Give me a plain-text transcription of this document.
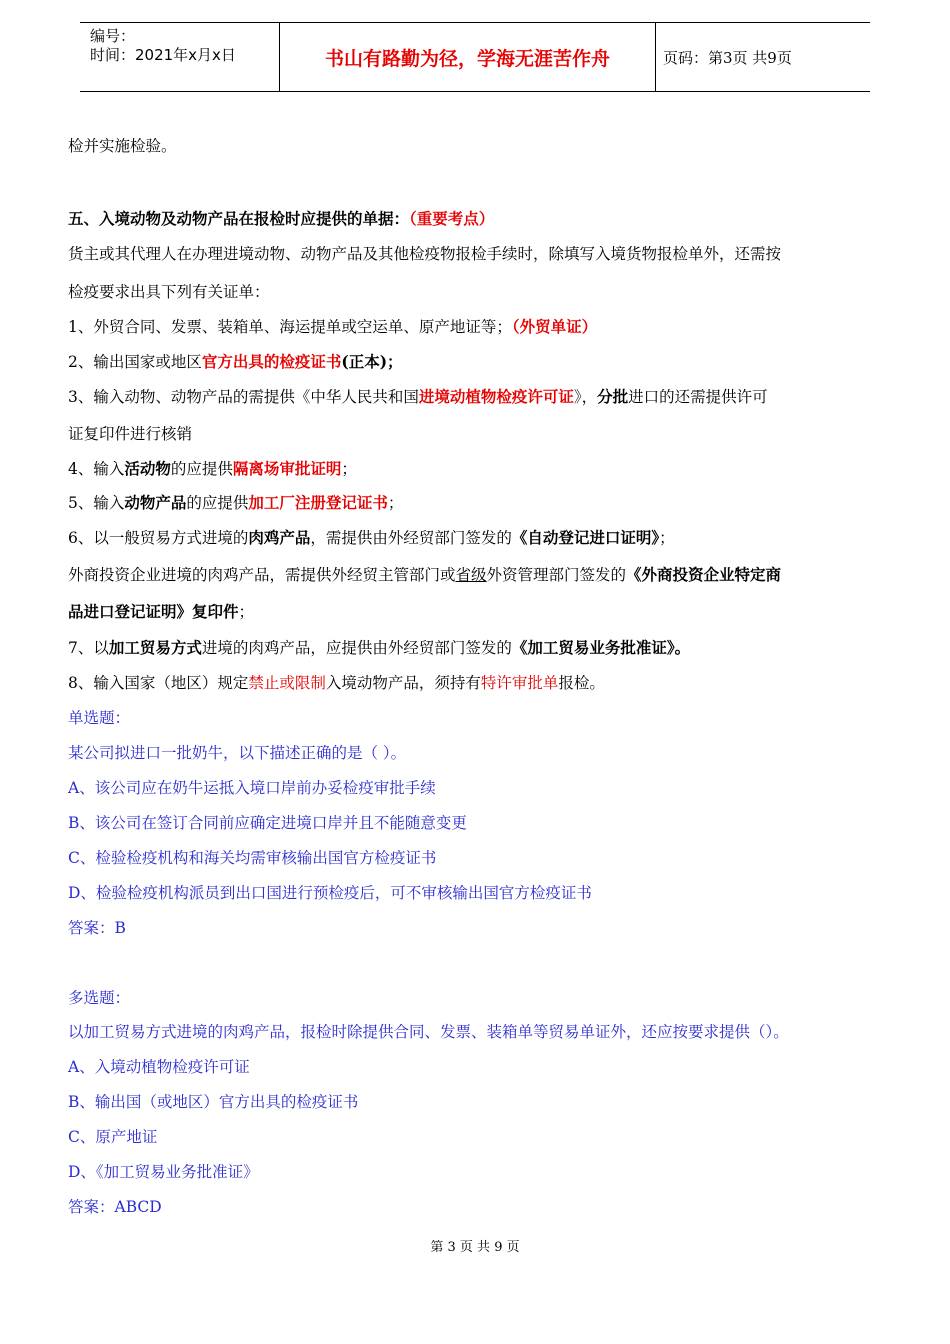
编号：
时间：2021年x月x日	书山有路勤为径，学海无涯苦作舟	页码：第3页 共9页
检并实施检验。
五、入境动物及动物产品在报检时应提供的单据：（重要考点）
货主或其代理人在办理进境动物、动物产品及其他检疫物报检手续时，除填写入境货物报检单外，还需按
检疫要求出具下列有关证单：
1、外贸合同、发票、装箱单、海运提单或空运单、原产地证等；（外贸单证）
2、输出国家或地区官方出具的检疫证书(正本)；
3、输入动物、动物产品的需提供《中华人民共和国进境动植物检疫许可证》，分批进口的还需提供许可
证复印件进行核销
4、输入活动物的应提供隔离场审批证明；
5、输入动物产品的应提供加工厂注册登记证书；
6、以一般贸易方式进境的肉鸡产品，需提供由外经贸部门签发的《自动登记进口证明》；
外商投资企业进境的肉鸡产品，需提供外经贸主管部门或省级外资管理部门签发的《外商投资企业特定商
品进口登记证明》复印件；
7、以加工贸易方式进境的肉鸡产品，应提供由外经贸部门签发的《加工贸易业务批准证》。
8、输入国家（地区）规定禁止或限制入境动物产品，须持有特许审批单报检。
单选题：
某公司拟进口一批奶牛，以下描述正确的是（ ）。
A、该公司应在奶牛运抵入境口岸前办妥检疫审批手续
B、该公司在签订合同前应确定进境口岸并且不能随意变更
C、检验检疫机构和海关均需审核输出国官方检疫证书
D、检验检疫机构派员到出口国进行预检疫后，可不审核输出国官方检疫证书
答案：B
多选题：
以加工贸易方式进境的肉鸡产品，报检时除提供合同、发票、装箱单等贸易单证外，还应按要求提供（）。
A、入境动植物检疫许可证
B、输出国（或地区）官方出具的检疫证书
C、原产地证
D、《加工贸易业务批准证》
答案：ABCD
第 3 页 共 9 页
